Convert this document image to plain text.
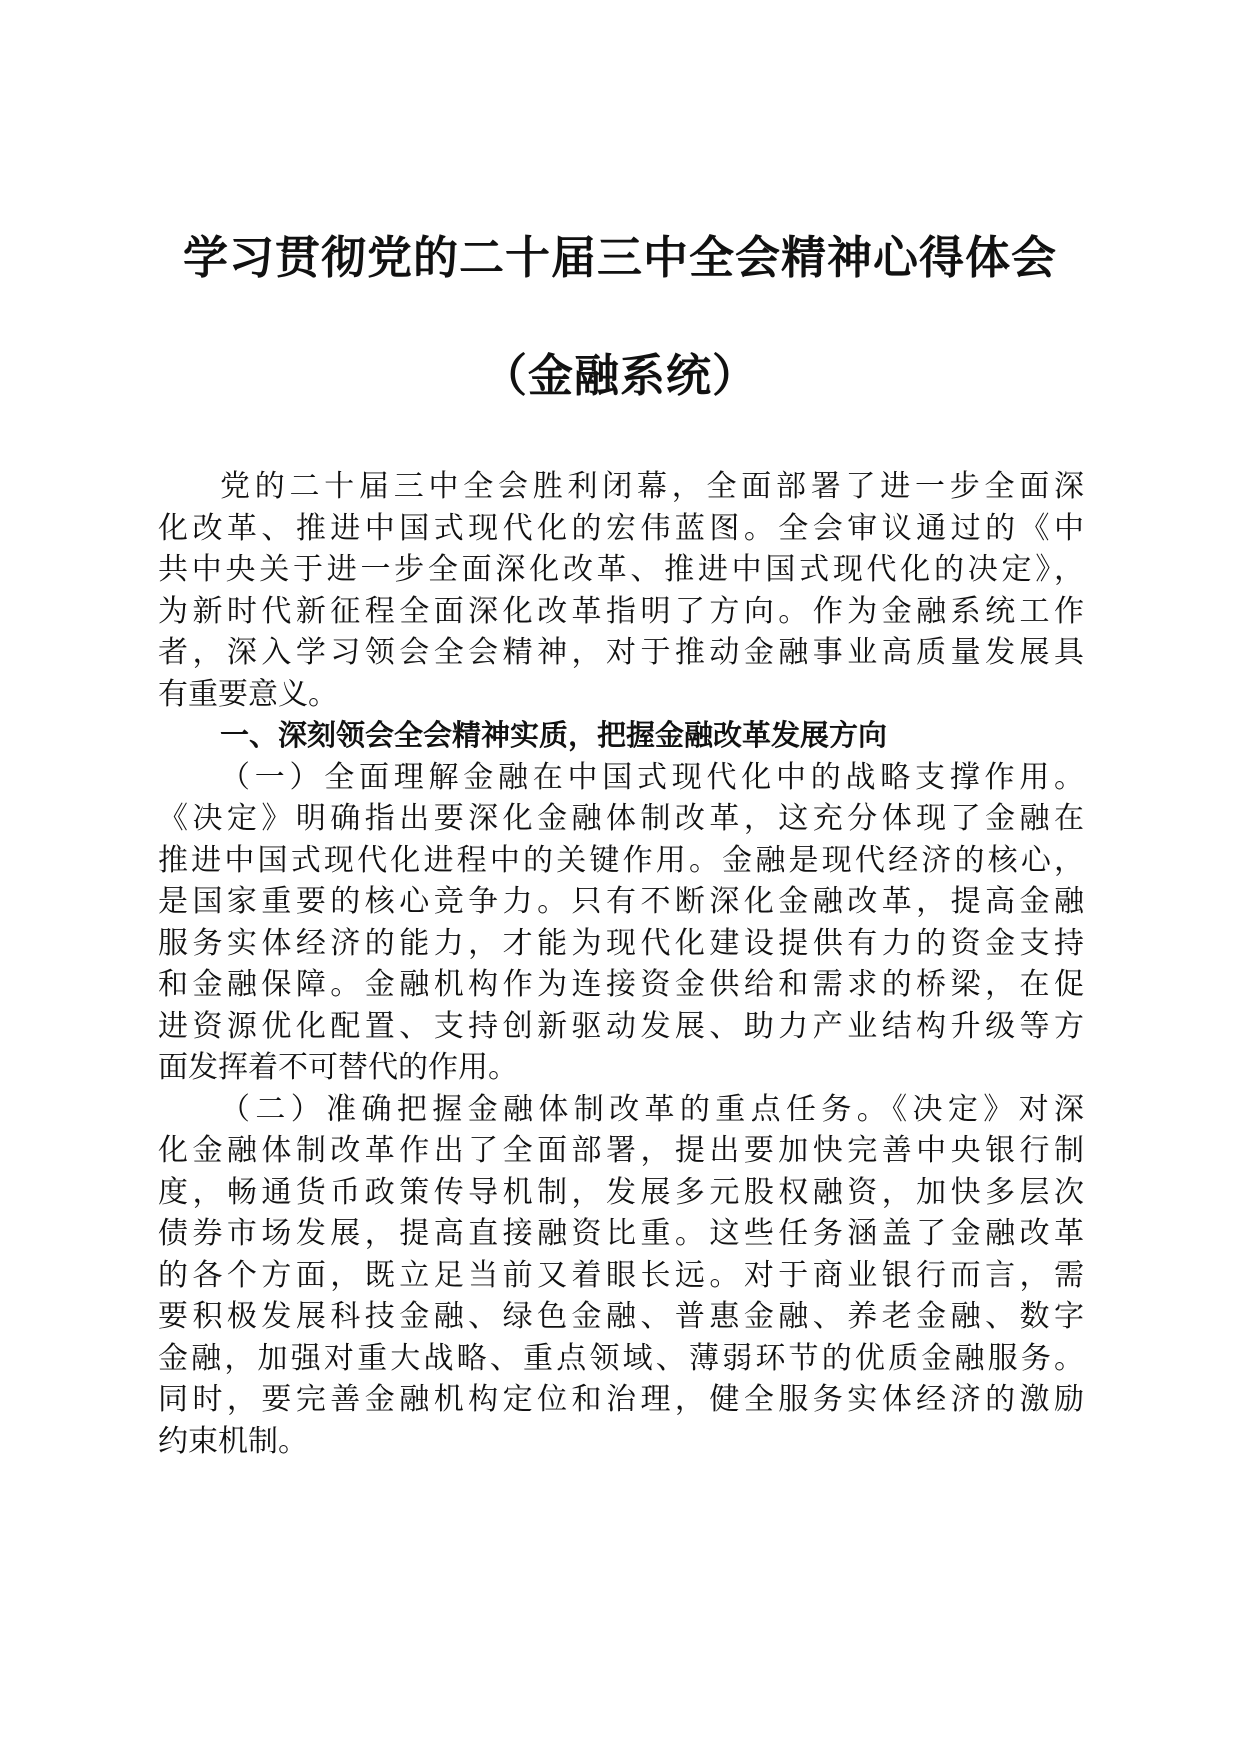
学习贯彻党的二十届三中全会精神心得体会
（金融系统）
党的二十届三中全会胜利闭幕，全面部署了进一步全面深
化改革、推进中国式现代化的宏伟蓝图。全会审议通过的《中
共中央关于进一步全面深化改革、推进中国式现代化的决定》，
为新时代新征程全面深化改革指明了方向。作为金融系统工作
者，深入学习领会全会精神，对于推动金融事业高质量发展具
有重要意义。
一、深刻领会全会精神实质，把握金融改革发展方向
（一）全面理解金融在中国式现代化中的战略支撑作用。
《决定》明确指出要深化金融体制改革，这充分体现了金融在
推进中国式现代化进程中的关键作用。金融是现代经济的核心，
是国家重要的核心竞争力。只有不断深化金融改革，提高金融
服务实体经济的能力，才能为现代化建设提供有力的资金支持
和金融保障。金融机构作为连接资金供给和需求的桥梁，在促
进资源优化配置、支持创新驱动发展、助力产业结构升级等方
面发挥着不可替代的作用。
（二）准确把握金融体制改革的重点任务。《决定》对深
化金融体制改革作出了全面部署，提出要加快完善中央银行制
度，畅通货币政策传导机制，发展多元股权融资，加快多层次
债券市场发展，提高直接融资比重。这些任务涵盖了金融改革
的各个方面，既立足当前又着眼长远。对于商业银行而言，需
要积极发展科技金融、绿色金融、普惠金融、养老金融、数字
金融，加强对重大战略、重点领域、薄弱环节的优质金融服务。
同时，要完善金融机构定位和治理，健全服务实体经济的激励
约束机制。
